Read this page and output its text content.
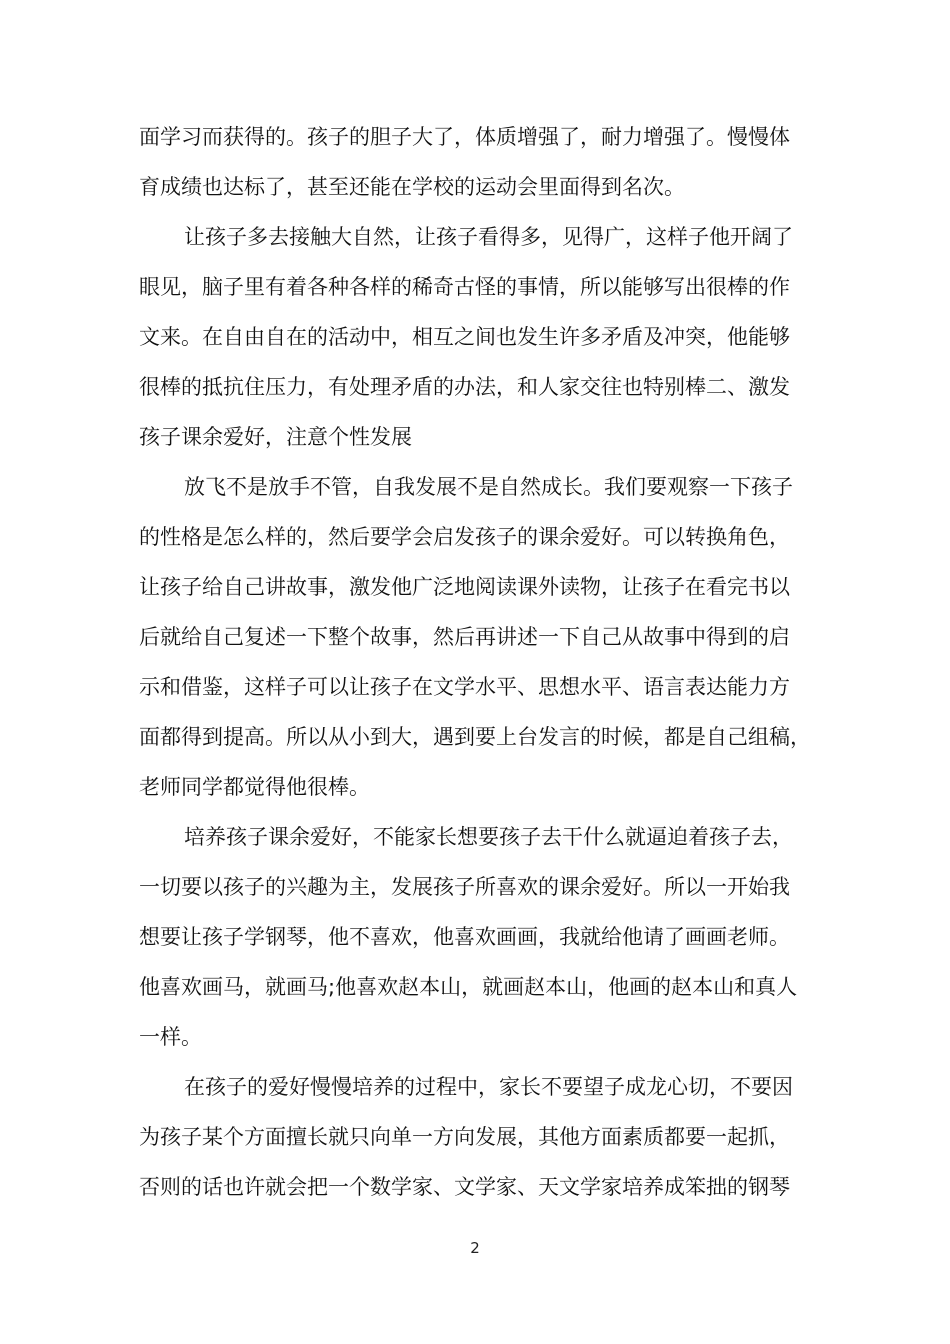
面学习而获得的。孩子的胆子大了，体质增强了，耐力增强了。慢慢体

育成绩也达标了，甚至还能在学校的运动会里面得到名次。

让孩子多去接触大自然，让孩子看得多，见得广，这样子他开阔了

眼见，脑子里有着各种各样的稀奇古怪的事情，所以能够写出很棒的作

文来。在自由自在的活动中，相互之间也发生许多矛盾及冲突，他能够

很棒的抵抗住压力，有处理矛盾的办法，和人家交往也特别棒二、激发

孩子课余爱好，注意个性发展

放飞不是放手不管，自我发展不是自然成长。我们要观察一下孩子

的性格是怎么样的，然后要学会启发孩子的课余爱好。可以转换角色，

让孩子给自己讲故事，激发他广泛地阅读课外读物，让孩子在看完书以

后就给自己复述一下整个故事，然后再讲述一下自己从故事中得到的启

示和借鉴，这样子可以让孩子在文学水平、思想水平、语言表达能力方

面都得到提高。所以从小到大，遇到要上台发言的时候，都是自己组稿，

老师同学都觉得他很棒。

培养孩子课余爱好，不能家长想要孩子去干什么就逼迫着孩子去，

一切要以孩子的兴趣为主，发展孩子所喜欢的课余爱好。所以一开始我

想要让孩子学钢琴，他不喜欢，他喜欢画画，我就给他请了画画老师。

他喜欢画马，就画马;他喜欢赵本山，就画赵本山，他画的赵本山和真人

一样。

在孩子的爱好慢慢培养的过程中，家长不要望子成龙心切，不要因

为孩子某个方面擅长就只向单一方向发展，其他方面素质都要一起抓，

否则的话也许就会把一个数学家、文学家、天文学家培养成笨拙的钢琴

2
